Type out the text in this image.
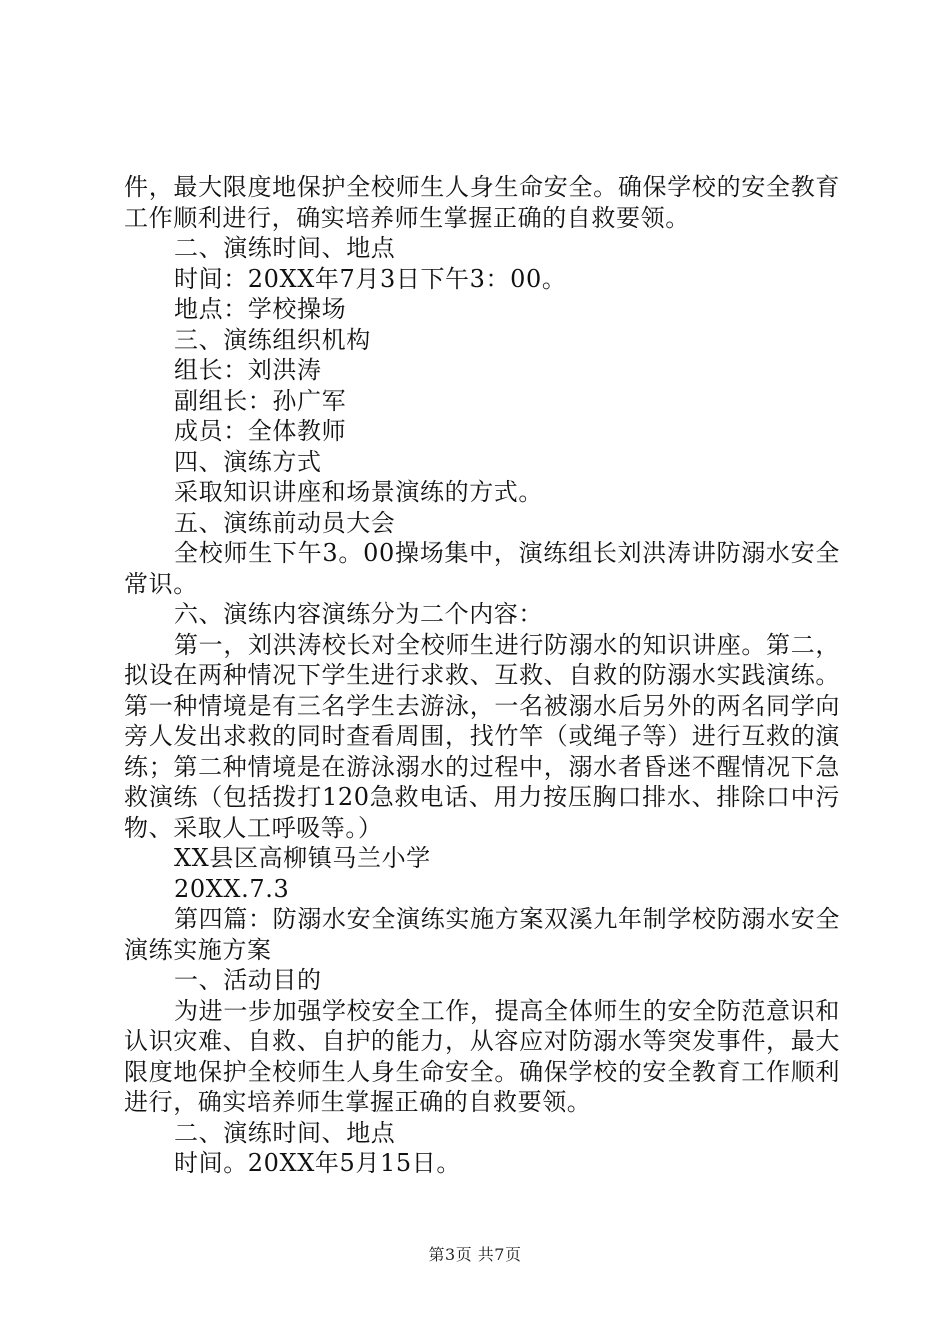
件，最大限度地保护全校师生人身生命安全。确保学校的安全教育工作顺利进行，确实培养师生掌握正确的自救要领。

二、演练时间、地点

时间：20XX年7月3日下午3：00。

地点：学校操场

三、演练组织机构

组长：刘洪涛

副组长：孙广军

成员：全体教师

四、演练方式

采取知识讲座和场景演练的方式。

五、演练前动员大会

全校师生下午3。00操场集中，演练组长刘洪涛讲防溺水安全常识。

六、演练内容演练分为二个内容：

第一，刘洪涛校长对全校师生进行防溺水的知识讲座。第二，拟设在两种情况下学生进行求救、互救、自救的防溺水实践演练。第一种情境是有三名学生去游泳，一名被溺水后另外的两名同学向旁人发出求救的同时查看周围，找竹竿（或绳子等）进行互救的演练；第二种情境是在游泳溺水的过程中，溺水者昏迷不醒情况下急救演练（包括拨打120急救电话、用力按压胸口排水、排除口中污物、采取人工呼吸等。）

XX县区高柳镇马兰小学

20XX.7.3

第四篇：防溺水安全演练实施方案双溪九年制学校防溺水安全演练实施方案

一、活动目的

为进一步加强学校安全工作，提高全体师生的安全防范意识和认识灾难、自救、自护的能力，从容应对防溺水等突发事件，最大限度地保护全校师生人身生命安全。确保学校的安全教育工作顺利进行，确实培养师生掌握正确的自救要领。

二、演练时间、地点

时间。20XX年5月15日。

第3页 共7页
